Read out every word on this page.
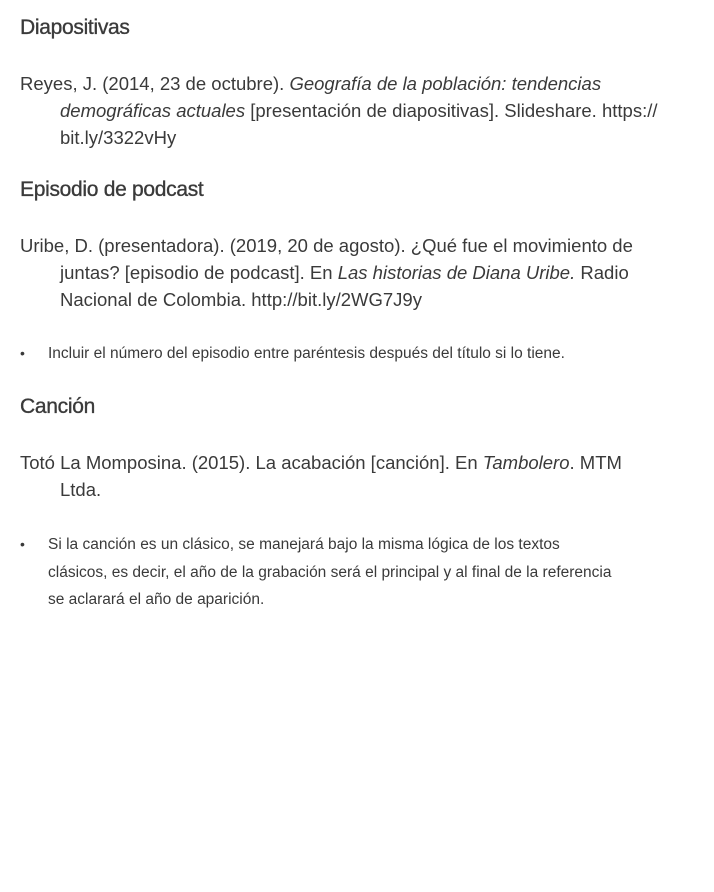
Diapositivas

Reyes, J. (2014, 23 de octubre). Geografía de la población: tendencias
demográficas actuales [presentación de diapositivas]. Slideshare. https://
bit.ly/3322vHy

Episodio de podcast

Uribe, D. (presentadora). (2019, 20 de agosto). ¿Qué fue el movimiento de
juntas? [episodio de podcast]. En Las historias de Diana Uribe. Radio
Nacional de Colombia. http://bit.ly/2WG7J9y

• Incluir el número del episodio entre paréntesis después del título si lo tiene.
Canción

Totó La Momposina. (2015). La acabación [canción]. En Tambolero. MTM
Ltda.

• Si la canción es un clásico, se manejará bajo la misma lógica de los textos
clásicos, es decir, el año de la grabación será el principal y al final de la referencia
se aclarará el año de aparición.
